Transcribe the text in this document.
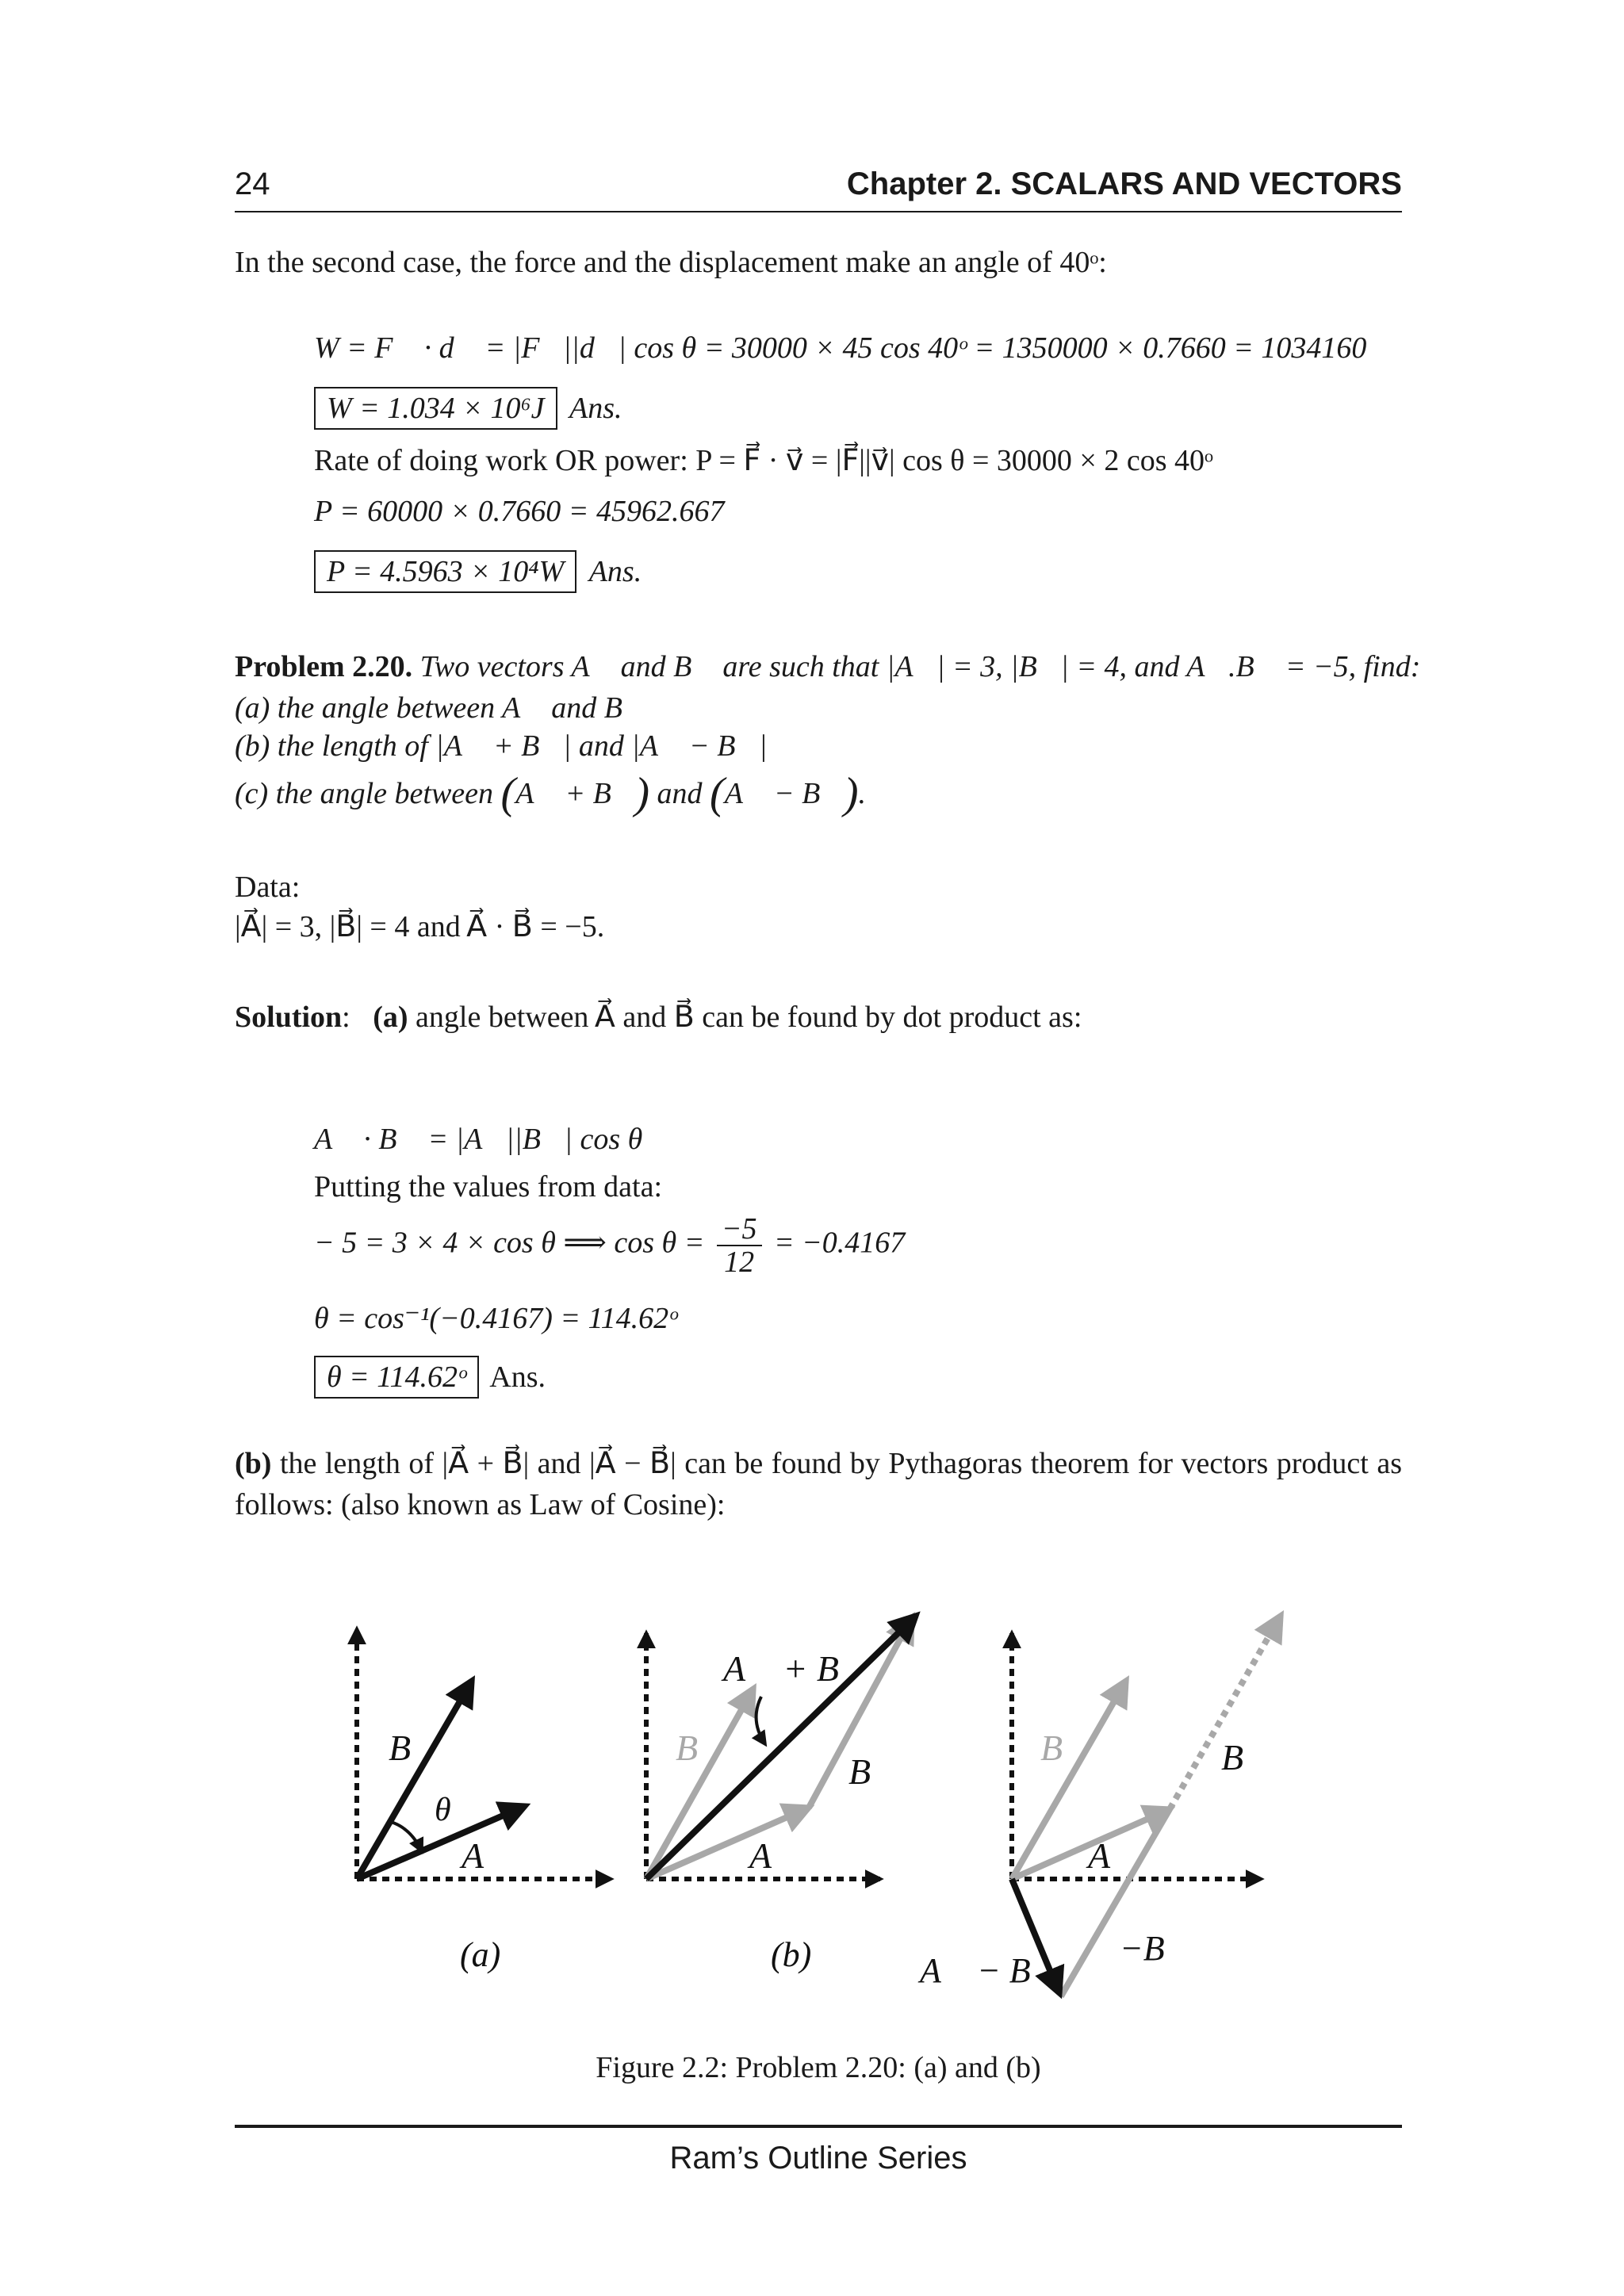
24	Chapter 2. SCALARS AND VECTORS
In the second case, the force and the displacement make an angle of 40ᵒ:
W = F⃗ · d⃗ = |F⃗||d⃗| cos θ = 30000 × 45 cos 40ᵒ = 1350000 × 0.7660 = 1034160
W = 1.034 × 10⁶J Ans.
Rate of doing work OR power: P = F⃗ · v⃗ = |F⃗||v⃗| cos θ = 30000 × 2 cos 40ᵒ
P = 60000 × 0.7660 = 45962.667
P = 4.5963 × 10⁴W Ans.
Problem 2.20. Two vectors A⃗ and B⃗ are such that |A⃗| = 3, |B⃗| = 4, and A⃗.B⃗ = −5, find:
(a) the angle between A⃗ and B⃗
(b) the length of |A⃗ + B⃗| and |A⃗ − B⃗|
(c) the angle between (A⃗ + B⃗) and (A⃗ − B⃗).
Data:
|A⃗| = 3, |B⃗| = 4 and A⃗ · B⃗ = −5.
Solution: (a) angle between A⃗ and B⃗ can be found by dot product as:
A⃗ · B⃗ = |A⃗||B⃗| cos θ
Putting the values from data:
− 5 = 3 × 4 × cos θ ⟹ $\cos \theta = \frac{-5}{12} = -0.4167$
θ = cos⁻¹(−0.4167) = 114.62ᵒ
θ = 114.62ᵒ Ans.
(b) the length of |A⃗ + B⃗| and |A⃗ − B⃗| can be found by Pythagoras theorem for vectors product as follows: (also known as Law of Cosine):
B⃗
θ
A⃗
(a)
A⃗ + B⃗
B⃗
B⃗
A⃗
(b)
B⃗	B⃗
A⃗
A⃗ − B⃗
−B⃗
Figure 2.2: Problem 2.20: (a) and (b)
Ram’s Outline Series
